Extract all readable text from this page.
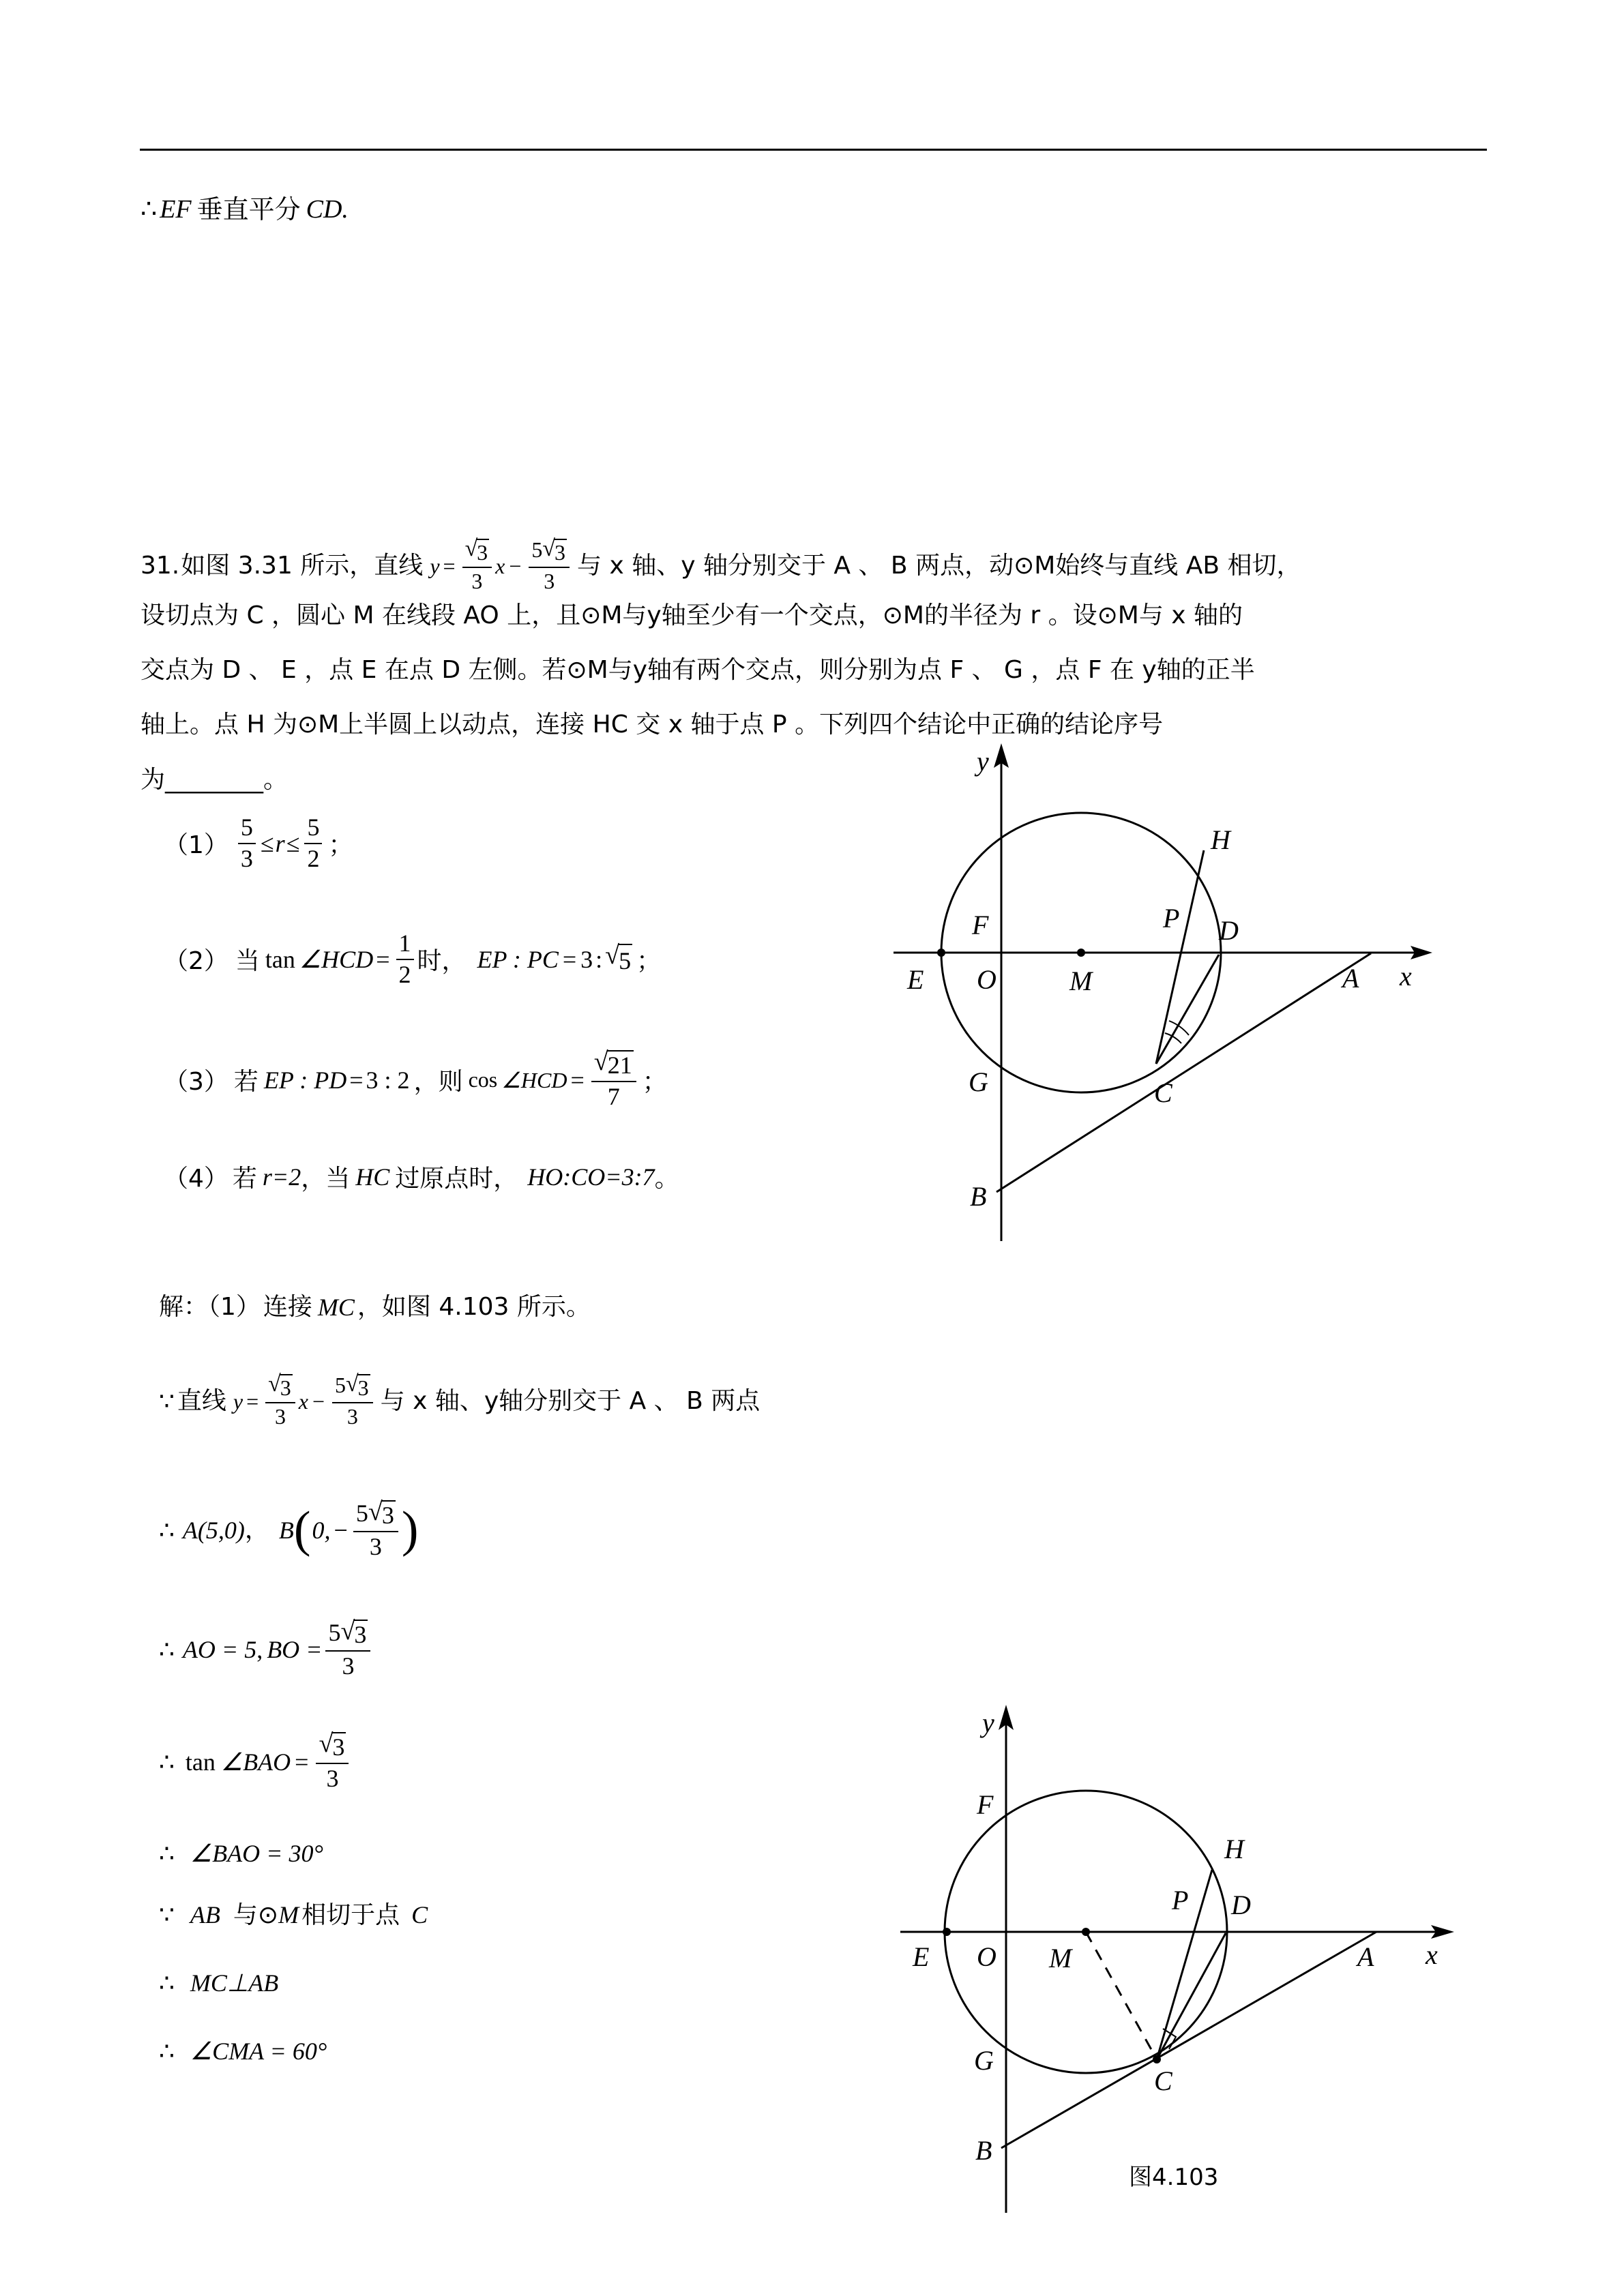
∴ EF 垂直平分 CD.
31. 如图 3.31 所示，直线 $y = \frac{√ 3}{3}$ $x - \frac{5 √ 3}{3}$ 与 x 轴、y 轴分别交于 A 、 B 两点，动⊙M始终与直线 AB 相切，
设切点为 C ，圆心 M 在线段 AO 上，且⊙M与y轴至少有一个交点，⊙M的半径为 r 。设⊙M与 x 轴的
交点为 D 、 E ，点 E 在点 D 左侧。若⊙M与y轴有两个交点，则分别为点 F 、 G ，点 F 在 y轴的正半
轴上。点 H 为⊙M上半圆上以动点，连接 HC 交 x 轴于点 P 。下列四个结论中正确的结论序号
为________。
$(1) \frac{5}{3} \le r \le \frac{5}{2}$ ；
（2） 当 tan ∠HCD = $\frac{1}{2}$ 时， EP : PC = 3 : √ 5 ；
（3） 若 EP : PD = 3 : 2 ，则 cos ∠HCD = $\frac{√ 21}{7}$ ；
（4） 若 r=2 ，当 HC 过原点时， HO:CO=3:7 。
y
x
F
H
P D
E O	M
G	C
A
B
解：（1） 连接 MC ，如图 4.103 所示。
∵ 直线 $y = \frac{√ 3}{3}$ $x - \frac{5 √ 3}{3}$ 与 x 轴、y轴分别交于 A 、 B 两点
∴ A(5,0) ， B ( 0, − $\frac{5 √ 3}{3}$ )
∴ AO = 5 , BO = $\frac{5 √ 3}{3}$
∴ tan ∠BAO = $\frac{√ 3}{3}$
∴ ∠BAO = 30°
∵ AB 与⊙M 相切于点 C
∴ MC⊥AB
∴ ∠CMA = 60°
y
x
F
H
P D
E O M
G
C
A
B
图4.103
